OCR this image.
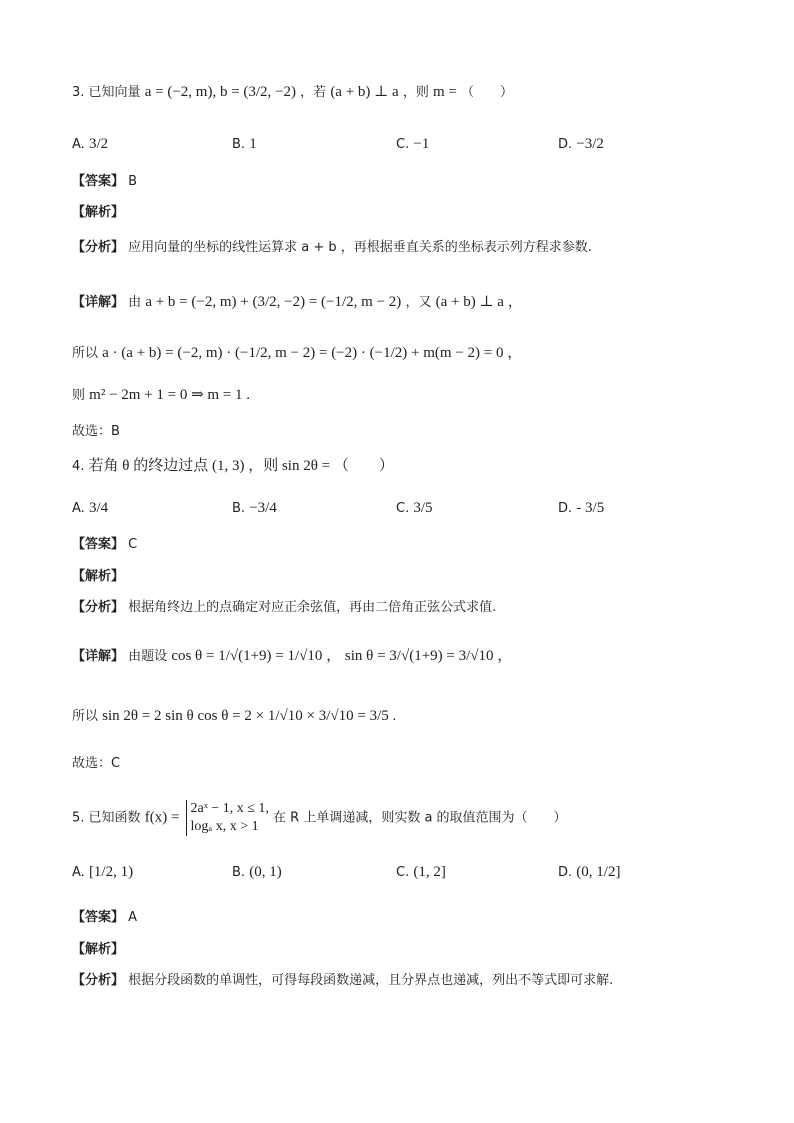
3. 已知向量 a = (−2, m), b = (3/2, −2) ，若 (a + b) ⊥ a ，则 m = （　　）
A. 3/2	B. 1	C. −1	D. −3/2
【答案】 B
【解析】
【分析】 应用向量的坐标的线性运算求 a + b ，再根据垂直关系的坐标表示列方程求参数.
【详解】 由 a + b = (−2, m) + (3/2, −2) = (−1/2, m − 2) ，又 (a + b) ⊥ a ，
所以 a · (a + b) = (−2, m) · (−1/2, m − 2) = (−2) · (−1/2) + m(m − 2) = 0 ，
则 m² − 2m + 1 = 0 ⇒ m = 1 .
故选：B
4. 若角 θ 的终边过点 (1, 3) ，则 sin 2θ = （　　）
A. 3/4	B. −3/4	C. 3/5	D. - 3/5
【答案】 C
【解析】
【分析】 根据角终边上的点确定对应正余弦值，再由二倍角正弦公式求值.
【详解】 由题设 cos θ = 1/√(1+9) = 1/√10 ， sin θ = 3/√(1+9) = 3/√10 ，
所以 sin 2θ = 2 sin θ cos θ = 2 × 1/√10 × 3/√10 = 3/5 .
故选：C
5. 已知函数 f(x) =
2aˣ − 1, x ≤ 1,
logₐ x, x > 1
在 R 上单调递减，则实数 a 的取值范围为（　　）
A. [1/2, 1)	B. (0, 1)	C. (1, 2]	D. (0, 1/2]
【答案】 A
【解析】
【分析】 根据分段函数的单调性，可得每段函数递减，且分界点也递减，列出不等式即可求解.
